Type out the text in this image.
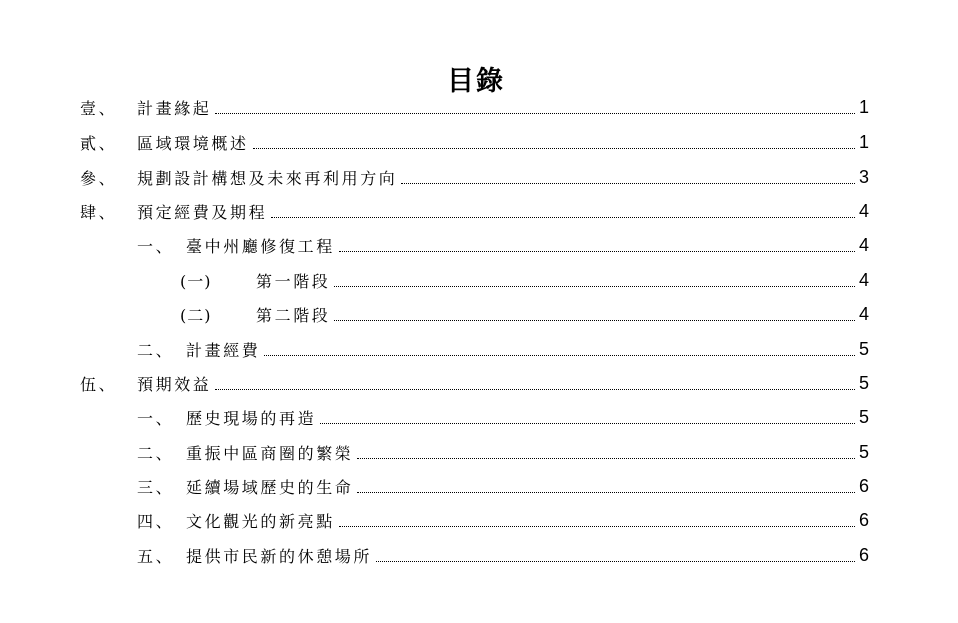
目錄
壹、	計畫緣起	1
貳、	區域環境概述	1
參、	規劃設計構想及未來再利用方向	3
肆、	預定經費及期程	4
一、 臺中州廳修復工程	4
(一)	第一階段	4
(二)	第二階段	4
二、 計畫經費	5
伍、	預期效益	5
一、 歷史現場的再造	5
二、 重振中區商圈的繁榮	5
三、 延續場域歷史的生命	6
四、 文化觀光的新亮點	6
五、 提供市民新的休憩場所	6
